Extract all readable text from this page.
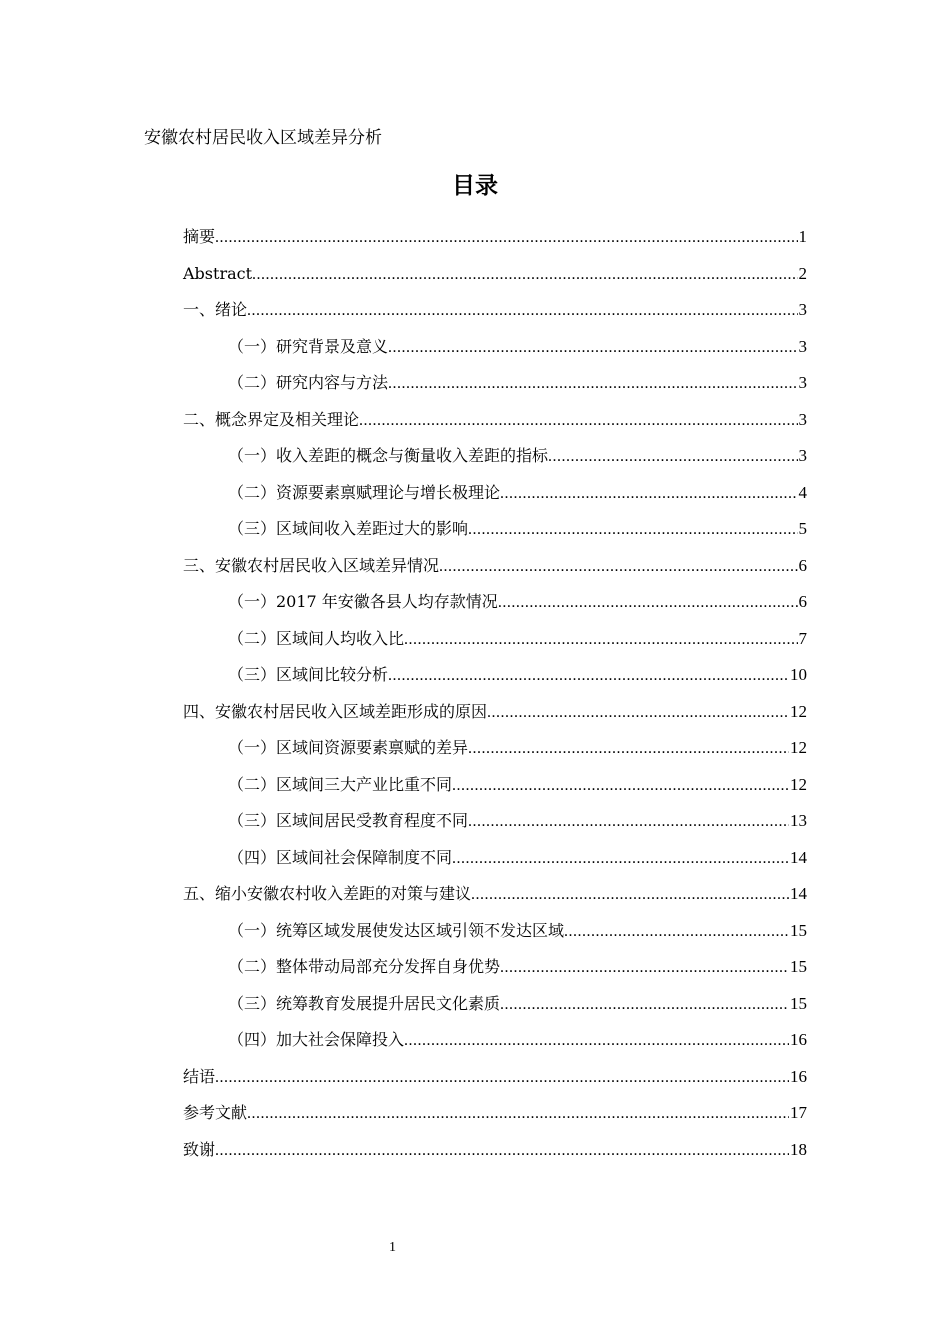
安徽农村居民收入区域差异分析
目录
摘要 .....	1
Abstract .....	2
一、绪论 .....	3
（一）研究背景及意义 .....	3
（二）研究内容与方法 .....	3
二、概念界定及相关理论 .....	3
（一）收入差距的概念与衡量收入差距的指标 .....	3
（二）资源要素禀赋理论与增长极理论 .....	4
（三）区域间收入差距过大的影响 .....	5
三、安徽农村居民收入区域差异情况 .....	6
（一）2017 年安徽各县人均存款情况 .....	6
（二）区域间人均收入比 .....	7
（三）区域间比较分析 .....	10
四、安徽农村居民收入区域差距形成的原因 .....	12
（一）区域间资源要素禀赋的差异 .....	12
（二）区域间三大产业比重不同 .....	12
（三）区域间居民受教育程度不同 .....	13
（四）区域间社会保障制度不同 .....	14
五、缩小安徽农村收入差距的对策与建议 .....	14
（一）统筹区域发展使发达区域引领不发达区域 .....	15
（二）整体带动局部充分发挥自身优势 .....	15
（三）统筹教育发展提升居民文化素质 .....	15
（四）加大社会保障投入 .....	16
结语 .....	16
参考文献 .....	17
致谢 .....	18
1
